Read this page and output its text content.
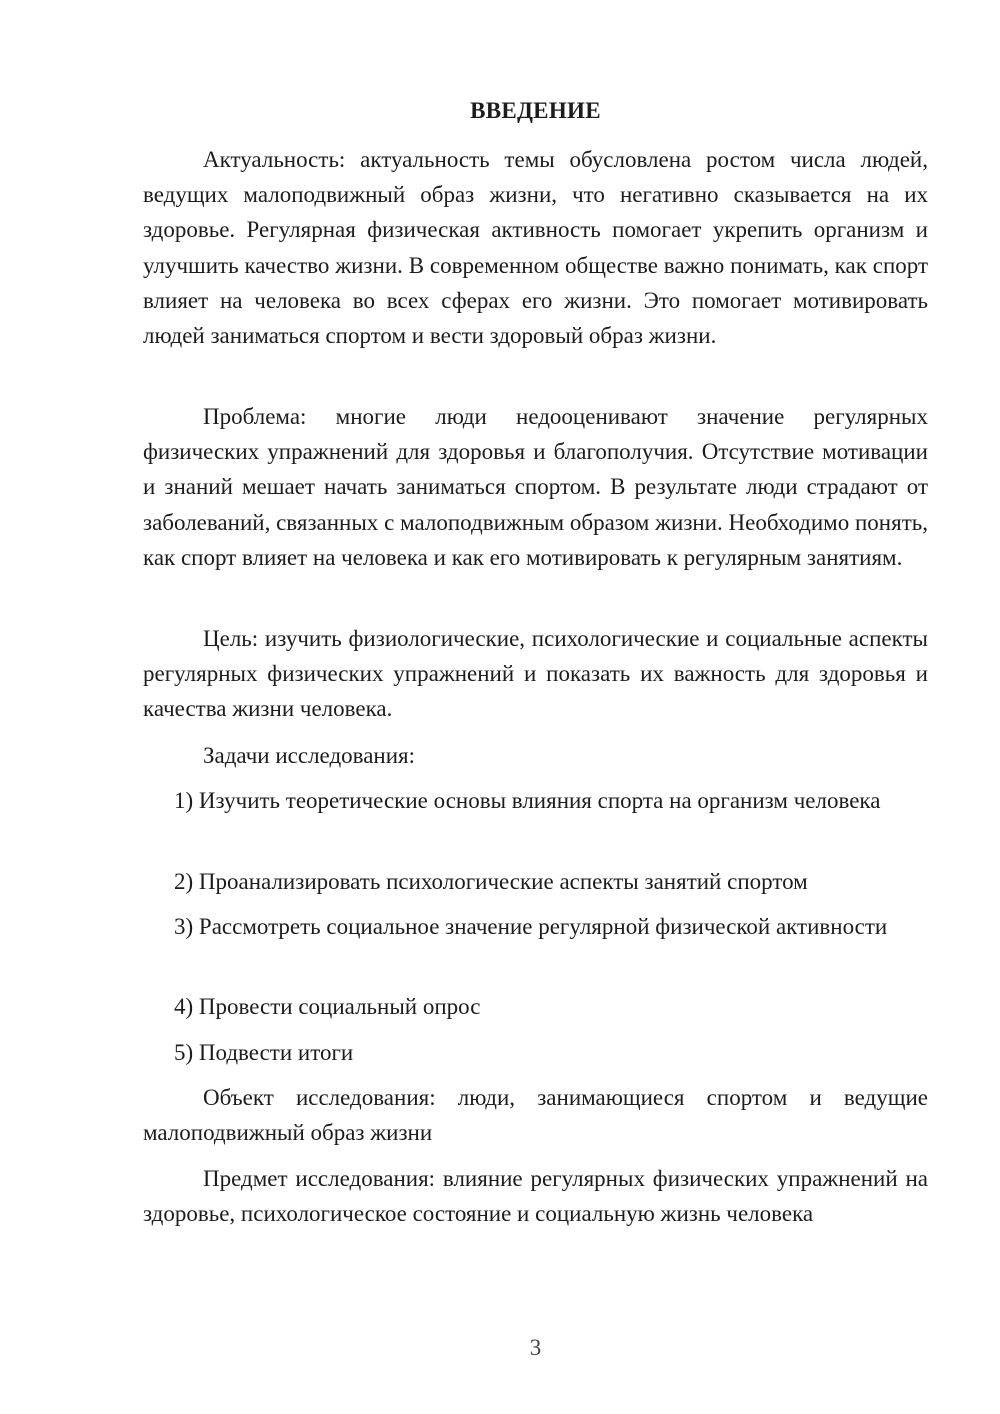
ВВЕДЕНИЕ

Актуальность: актуальность темы обусловлена ростом числа людей, ведущих малоподвижный образ жизни, что негативно сказывается на их здоровье. Регулярная физическая активность помогает укрепить организм и улучшить качество жизни. В современном обществе важно понимать, как спорт влияет на человека во всех сферах его жизни. Это помогает мотивировать людей заниматься спортом и вести здоровый образ жизни.

Проблема: многие люди недооценивают значение регулярных физических упражнений для здоровья и благополучия. Отсутствие мотивации и знаний мешает начать заниматься спортом. В результате люди страдают от заболеваний, связанных с малоподвижным образом жизни. Необходимо понять, как спорт влияет на человека и как его мотивировать к регулярным занятиям.

Цель: изучить физиологические, психологические и социальные аспекты регулярных физических упражнений и показать их важность для здоровья и качества жизни человека.

Задачи исследования:

1) Изучить теоретические основы влияния спорта на организм человека

2) Проанализировать психологические аспекты занятий спортом

3) Рассмотреть социальное значение регулярной физической активности

4) Провести социальный опрос

5) Подвести итоги

Объект исследования: люди, занимающиеся спортом и ведущие малоподвижный образ жизни

Предмет исследования: влияние регулярных физических упражнений на здоровье, психологическое состояние и социальную жизнь человека

3
